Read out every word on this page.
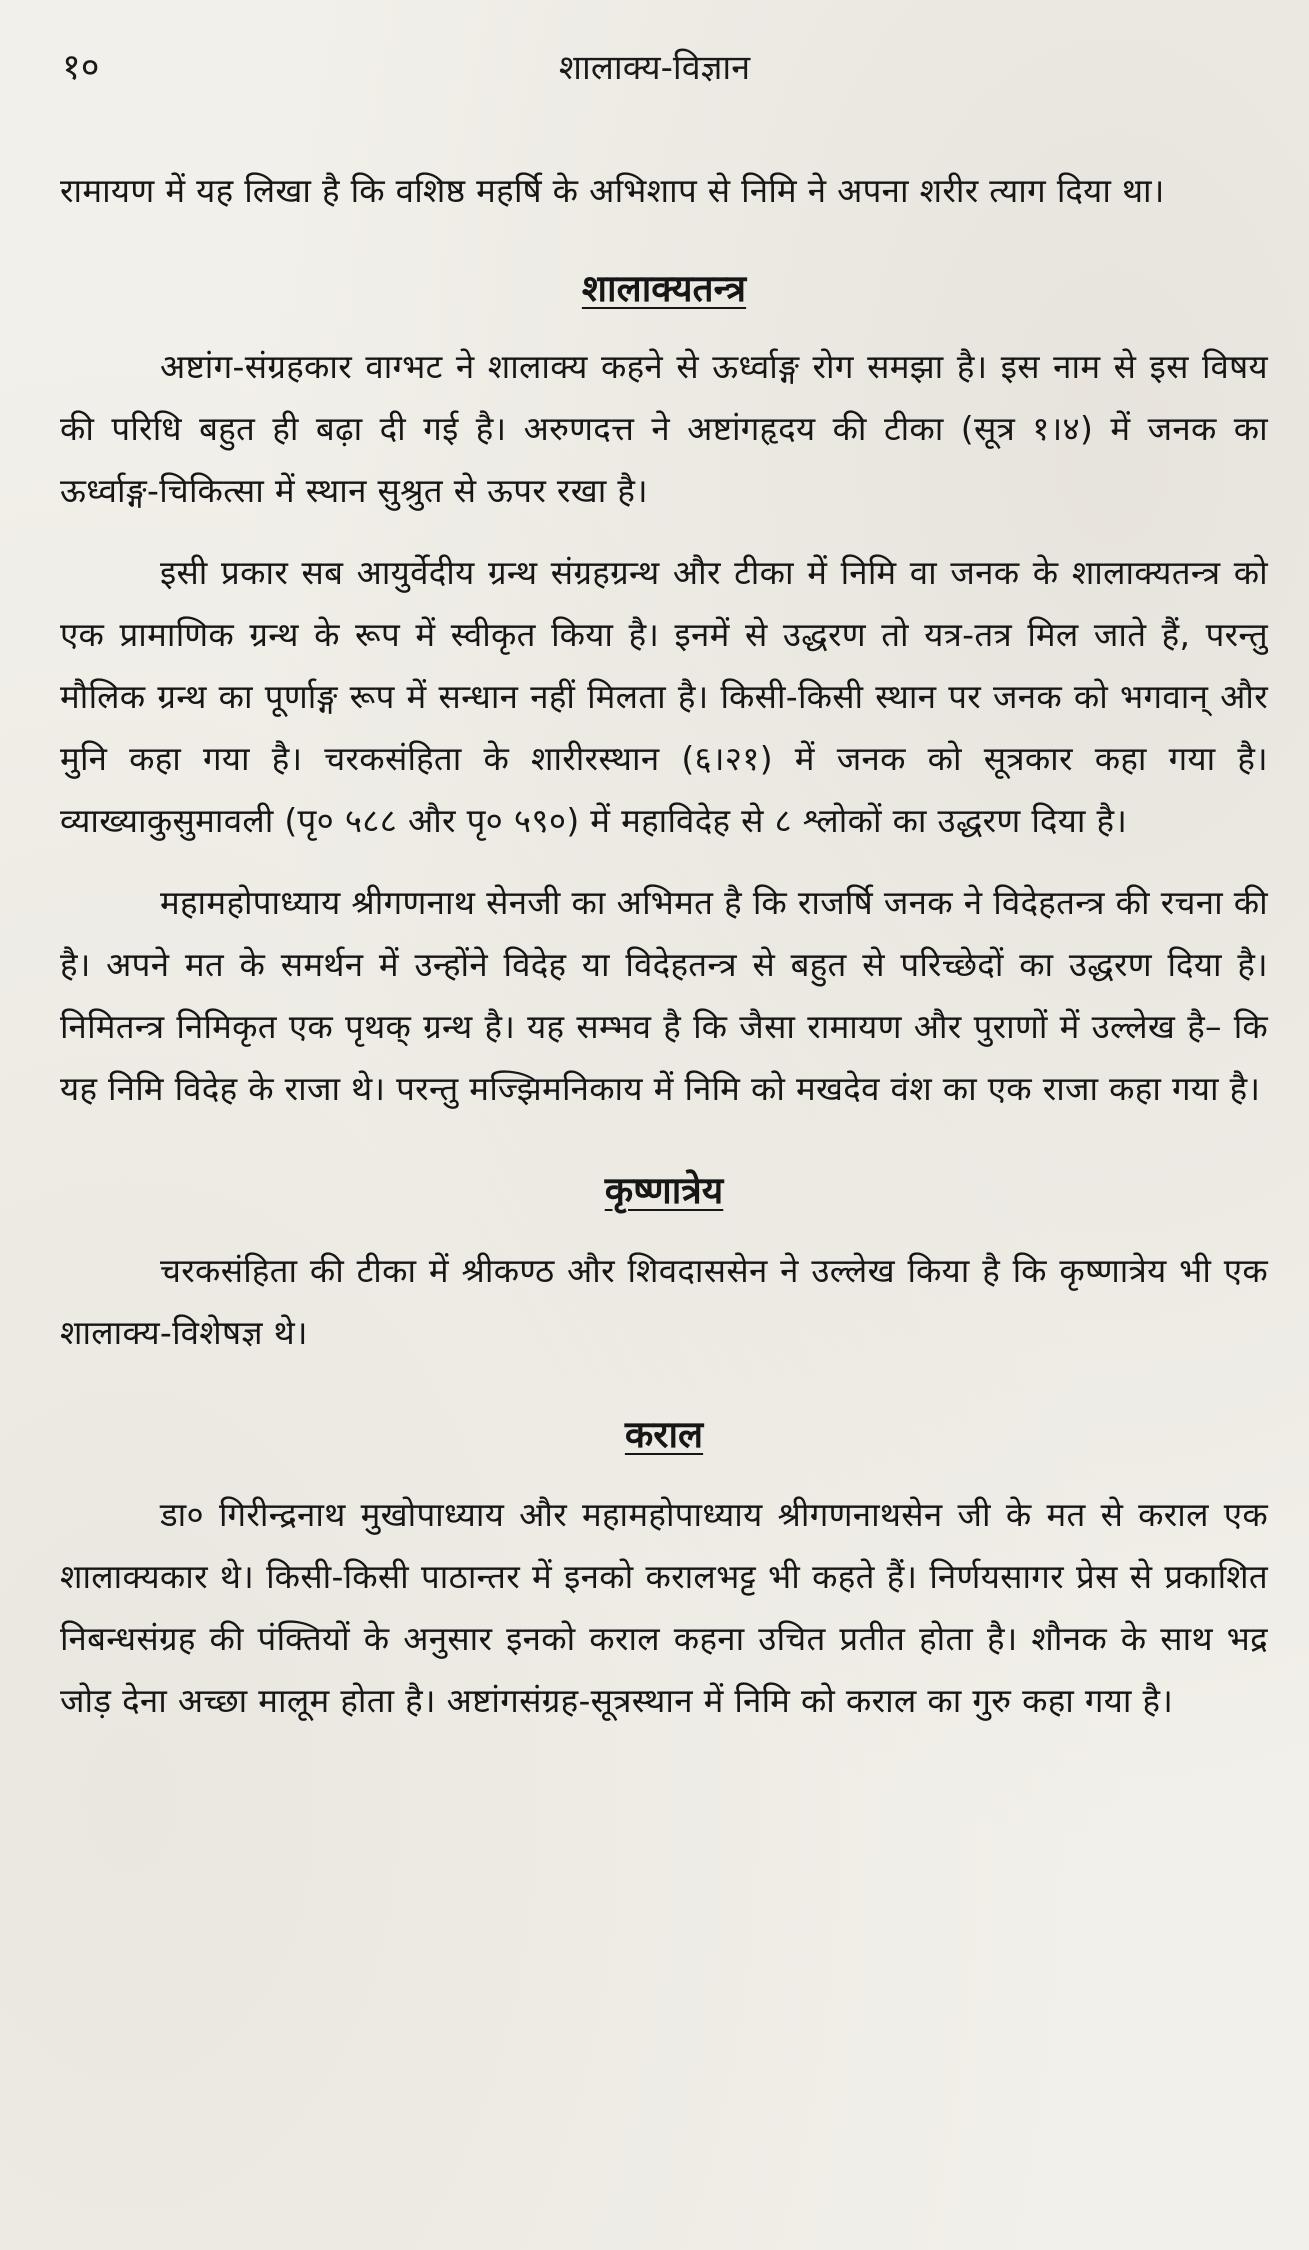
१०	शालाक्य-विज्ञान

रामायण में यह लिखा है कि वशिष्ठ महर्षि के अभिशाप से निमि ने अपना शरीर त्याग दिया था।

शालाक्यतन्त्र

अष्टांग-संग्रहकार वाग्भट ने शालाक्य कहने से ऊर्ध्वाङ्ग रोग समझा है। इस नाम से इस विषय की परिधि बहुत ही बढ़ा दी गई है। अरुणदत्त ने अष्टांगहृदय की टीका (सूत्र १।४) में जनक का ऊर्ध्वाङ्ग-चिकित्सा में स्थान सुश्रुत से ऊपर रखा है।

इसी प्रकार सब आयुर्वेदीय ग्रन्थ संग्रहग्रन्थ और टीका में निमि वा जनक के शालाक्यतन्त्र को एक प्रामाणिक ग्रन्थ के रूप में स्वीकृत किया है। इनमें से उद्धरण तो यत्र-तत्र मिल जाते हैं, परन्तु मौलिक ग्रन्थ का पूर्णाङ्ग रूप में सन्धान नहीं मिलता है। किसी-किसी स्थान पर जनक को भगवान् और मुनि कहा गया है। चरकसंहिता के शारीरस्थान (६।२१) में जनक को सूत्रकार कहा गया है। व्याख्याकुसुमावली (पृ० ५८८ और पृ० ५९०) में महाविदेह से ८ श्लोकों का उद्धरण दिया है।

महामहोपाध्याय श्रीगणनाथ सेनजी का अभिमत है कि राजर्षि जनक ने विदेहतन्त्र की रचना की है। अपने मत के समर्थन में उन्होंने विदेह या विदेहतन्त्र से बहुत से परिच्छेदों का उद्धरण दिया है। निमितन्त्र निमिकृत एक पृथक् ग्रन्थ है। यह सम्भव है कि जैसा रामायण और पुराणों में उल्लेख है– कि यह निमि विदेह के राजा थे। परन्तु मज्झिमनिकाय में निमि को मखदेव वंश का एक राजा कहा गया है।

कृष्णात्रेय

चरकसंहिता की टीका में श्रीकण्ठ और शिवदाससेन ने उल्लेख किया है कि कृष्णात्रेय भी एक शालाक्य-विशेषज्ञ थे।

कराल

डा० गिरीन्द्रनाथ मुखोपाध्याय और महामहोपाध्याय श्रीगणनाथसेन जी के मत से कराल एक शालाक्यकार थे। किसी-किसी पाठान्तर में इनको करालभट्ट भी कहते हैं। निर्णयसागर प्रेस से प्रकाशित निबन्धसंग्रह की पंक्तियों के अनुसार इनको कराल कहना उचित प्रतीत होता है। शौनक के साथ भद्र जोड़ देना अच्छा मालूम होता है। अष्टांगसंग्रह-सूत्रस्थान में निमि को कराल का गुरु कहा गया है।
